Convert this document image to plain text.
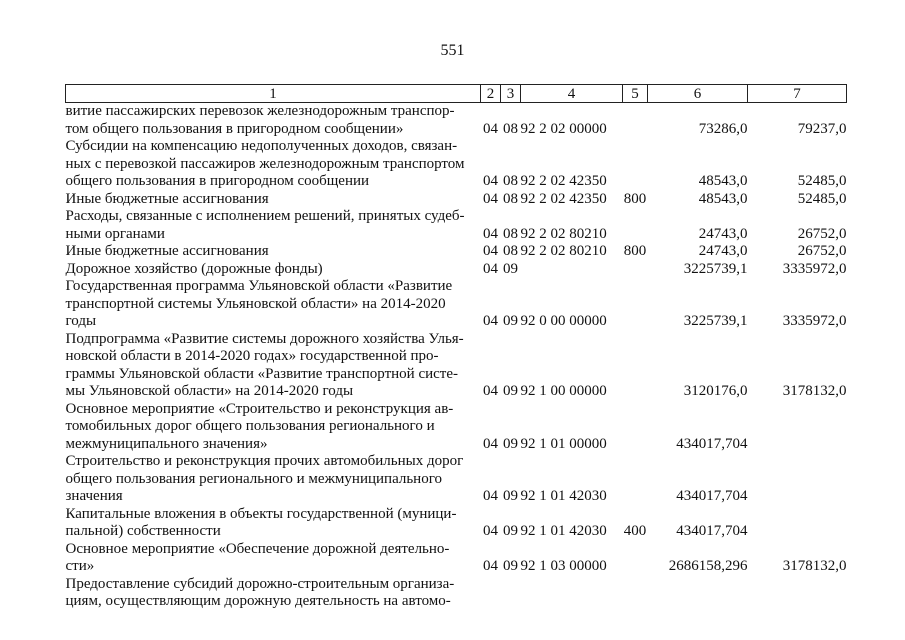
551
1	2	3	4	5	6	7
витие пассажирских перевозок железнодорожным транспор-
том общего пользования в пригородном сообщении»	04	08	92 2 02 00000		73286,0	79237,0
Субсидии на компенсацию недополученных доходов, связан-
ных с перевозкой пассажиров железнодорожным транспортом
общего пользования в пригородном сообщении	04	08	92 2 02 42350		48543,0	52485,0
Иные бюджетные ассигнования	04	08	92 2 02 42350	800	48543,0	52485,0
Расходы, связанные с исполнением решений, принятых судеб-
ными органами	04	08	92 2 02 80210		24743,0	26752,0
Иные бюджетные ассигнования	04	08	92 2 02 80210	800	24743,0	26752,0
Дорожное хозяйство (дорожные фонды)	04	09			3225739,1	3335972,0
Государственная программа Ульяновской области «Развитие
транспортной системы Ульяновской области» на 2014-2020
годы	04	09	92 0 00 00000		3225739,1	3335972,0
Подпрограмма «Развитие системы дорожного хозяйства Улья-
новской области в 2014-2020 годах» государственной про-
граммы Ульяновской области «Развитие транспортной систе-
мы Ульяновской области» на 2014-2020 годы	04	09	92 1 00 00000		3120176,0	3178132,0
Основное мероприятие «Строительство и реконструкция ав-
томобильных дорог общего пользования регионального и
межмуниципального значения»	04	09	92 1 01 00000		434017,704	
Строительство и реконструкция прочих автомобильных дорог
общего пользования регионального и межмуниципального
значения	04	09	92 1 01 42030		434017,704	
Капитальные вложения в объекты государственной (муници-
пальной) собственности	04	09	92 1 01 42030	400	434017,704	
Основное мероприятие «Обеспечение дорожной деятельно-
сти»	04	09	92 1 03 00000		2686158,296	3178132,0
Предоставление субсидий дорожно-строительным организа-
циям, осуществляющим дорожную деятельность на автомо-						
